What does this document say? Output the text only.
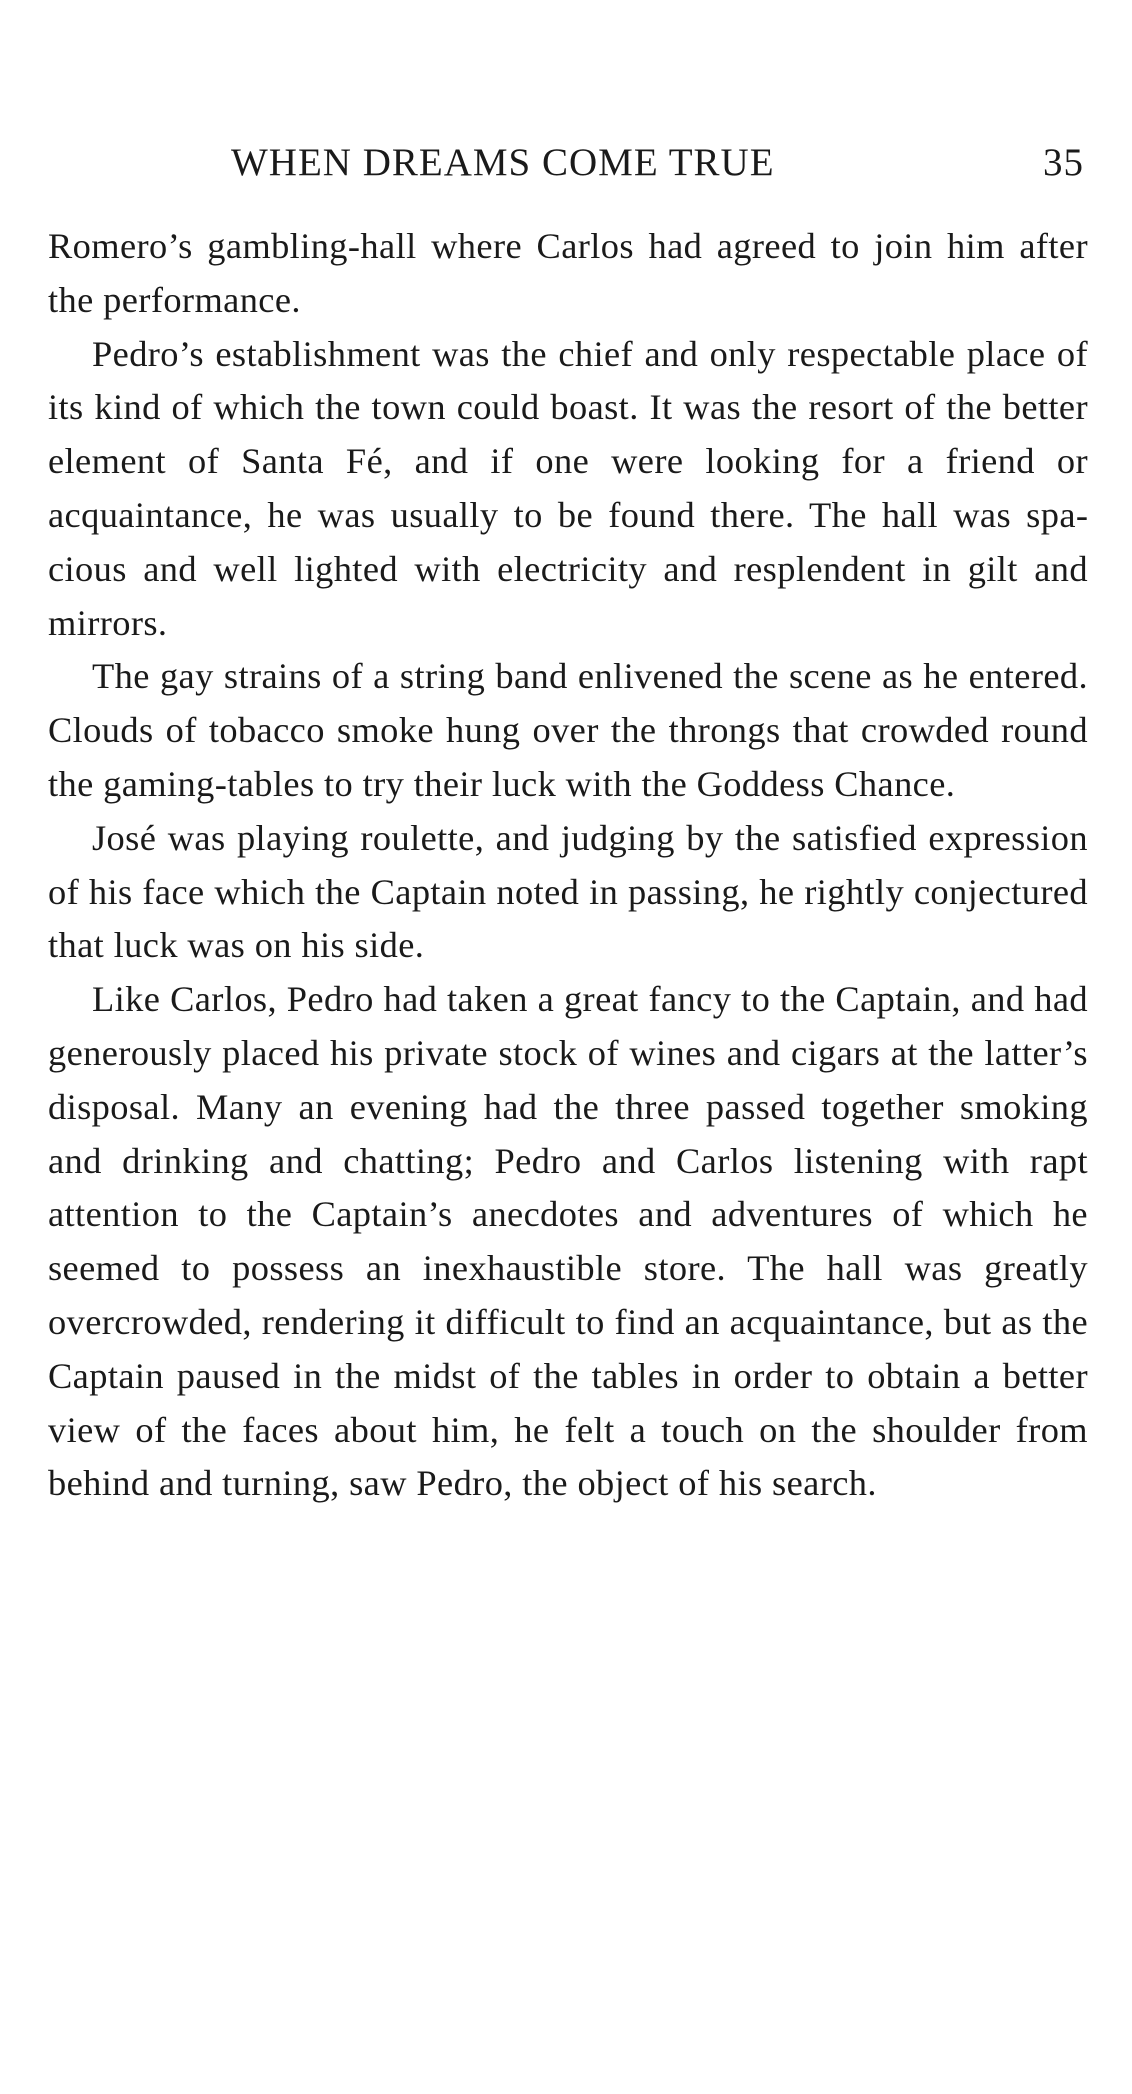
WHEN DREAMS COME TRUE	35

Romero’s gambling-hall where Carlos had agreed to join him after the performance.

Pedro’s establishment was the chief and only respectable place of its kind of which the town could boast. It was the resort of the better element of Santa Fé, and if one were looking for a friend or acquaintance, he was usually to be found there. The hall was spacious and well lighted with electricity and resplendent in gilt and mirrors.

The gay strains of a string band enlivened the scene as he entered. Clouds of tobacco smoke hung over the throngs that crowded round the gaming-tables to try their luck with the Goddess Chance.

José was playing roulette, and judging by the satisfied expression of his face which the Captain noted in passing, he rightly conjectured that luck was on his side.

Like Carlos, Pedro had taken a great fancy to the Captain, and had generously placed his private stock of wines and cigars at the latter’s disposal. Many an evening had the three passed together smoking and drinking and chatting; Pedro and Carlos listening with rapt attention to the Captain’s anecdotes and adventures of which he seemed to possess an inexhaustible store. The hall was greatly overcrowded, rendering it difficult to find an acquaintance, but as the Captain paused in the midst of the tables in order to obtain a better view of the faces about him, he felt a touch on the shoulder from behind and turning, saw Pedro, the object of his search.
